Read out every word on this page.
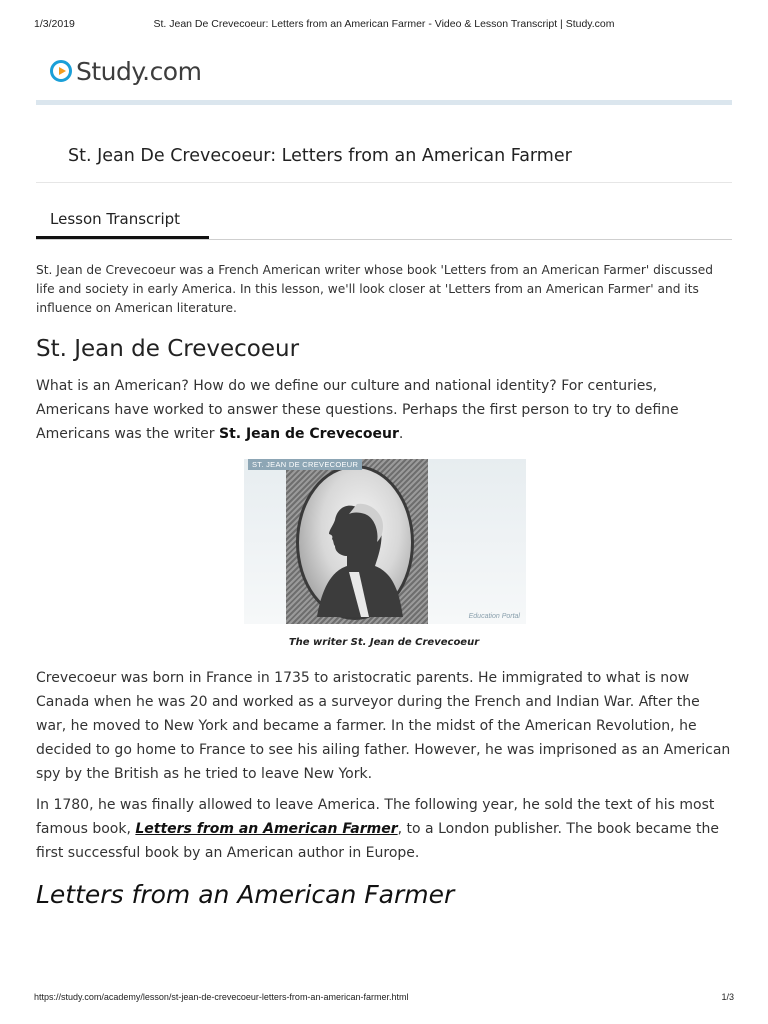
1/3/2019	St. Jean De Crevecoeur: Letters from an American Farmer - Video & Lesson Transcript | Study.com
Study.com
St. Jean De Crevecoeur: Letters from an American Farmer
Lesson Transcript

St. Jean de Crevecoeur was a French American writer whose book 'Letters from an American Farmer' discussed life and society in early America. In this lesson, we'll look closer at 'Letters from an American Farmer' and its influence on American literature.

St. Jean de Crevecoeur

What is an American? How do we define our culture and national identity? For centuries, Americans have worked to answer these questions. Perhaps the first person to try to define Americans was the writer St. Jean de Crevecoeur.

ST. JEAN DE CREVECOEUR
Education Portal

The writer St. Jean de Crevecoeur

Crevecoeur was born in France in 1735 to aristocratic parents. He immigrated to what is now Canada when he was 20 and worked as a surveyor during the French and Indian War. After the war, he moved to New York and became a farmer. In the midst of the American Revolution, he decided to go home to France to see his ailing father. However, he was imprisoned as an American spy by the British as he tried to leave New York.

In 1780, he was finally allowed to leave America. The following year, he sold the text of his most famous book, Letters from an American Farmer, to a London publisher. The book became the first successful book by an American author in Europe.

Letters from an American Farmer
https://study.com/academy/lesson/st-jean-de-crevecoeur-letters-from-an-american-farmer.html	1/3
